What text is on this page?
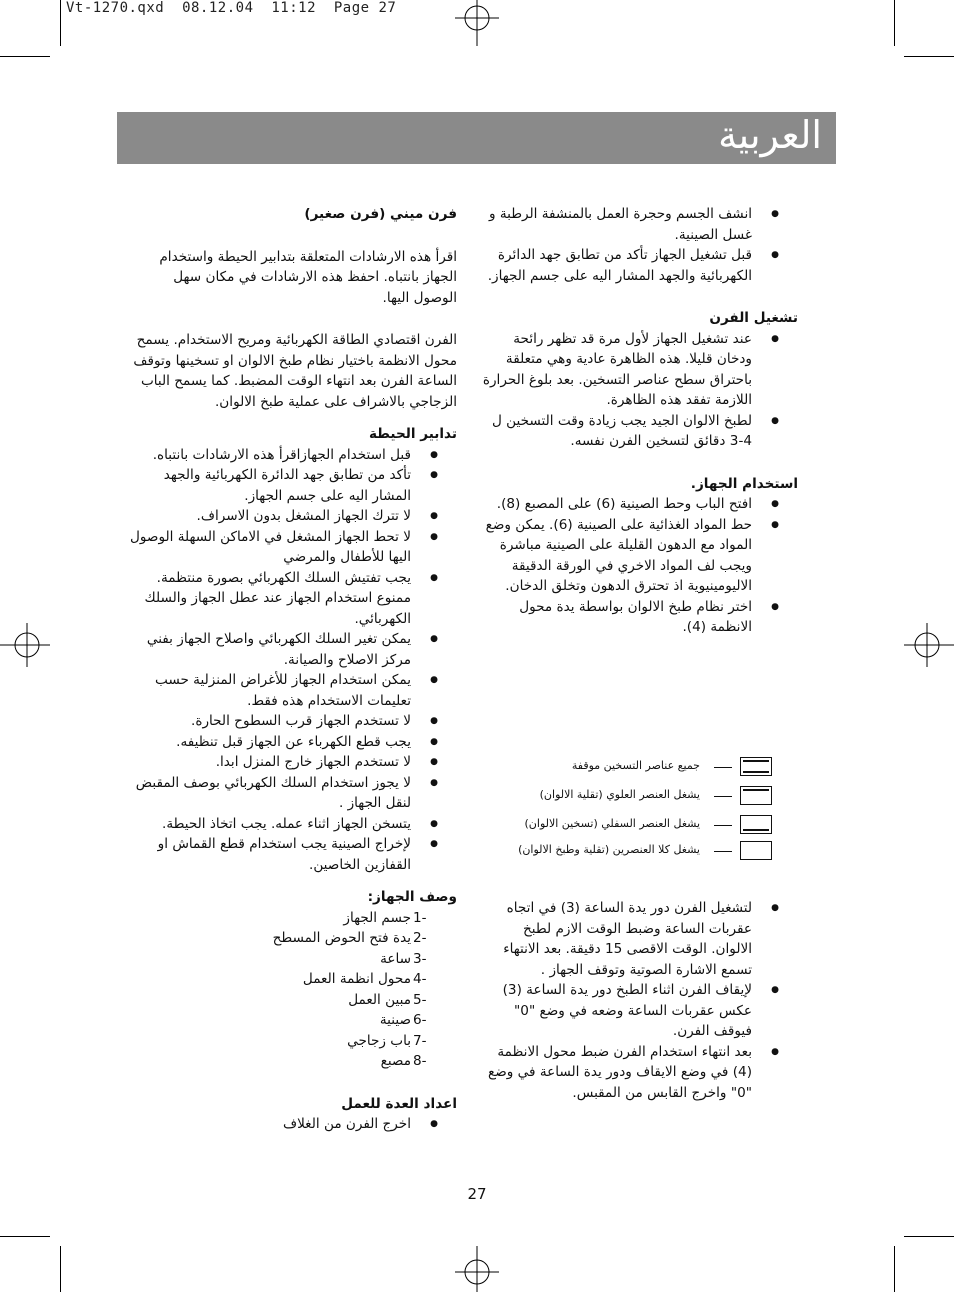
Vt-1270.qxd  08.12.04  11:12  Page 27
العربية
● انشف الجسم وحجرة العمل بالمنشفة الرطبة و غسل الصينية.
● قبل تشغيل الجهاز تأكد من تطابق جهد الدائرة الكهربائية والجهد المشار اليه على جسم الجهاز.
تشغيل الفرن
● عند تشغيل الجهاز لأول مرة قد تظهر رائحة ودخان قليلا. هذه الظاهرة عادية وهي متعلقة باحتراق سطح عناصر التسخين. بعد بلوغ الحرارة اللازمة تفقد هذه الظاهرة.
● لطبخ الالوان الجيد يجب زيادة وقت التسخين ل 4-3 دقائق لتسخين الفرن نفسه.
استخدام الجهاز.
● افتح الباب وحط الصينية (6) على المصبع (8).
● حط المواد الغذائية على الصينية (6). يمكن وضع المواد مع الدهون القليلة على الصينية مباشرة ويجب لف المواد الاخري في الورقة الدقيقة الاليومينيوية اذ تحترق الدهون وتخلق الدخان.
● اختر نظام طبخ الالوان بواسطة يدة محول الانظمة (4).
جميع عناصر التسخين موقفة
يشغل العنصر العلوي (تقلية الالوان)
يشغل العنصر السفلي (تسخين الالوان)
يشغل كلا العنصرين (تقلية وطبخ الالوان)
● لتشغيل الفرن دور يدة الساعة (3) في اتجاه عقربات الساعة وضبط الوقت الازم لطبخ الالوان. الوقت الاقصى 15 دقيقة. بعد الانتهاء تسمع الاشارة الصوتية وتوقف الجهاز .
● لإيقاف الفرن اثناء الطبخ دور يدة الساعة (3) عكس عقربات الساعة وضعه في وضع "0" فيوقف الفرن.
● بعد انتهاء استخدام الفرن ضبط محول الانظمة (4) في وضع الايقاف ودور يدة الساعة في وضع "0" واخرج القابس من المقبس.
فرن ميني (فرن صغير)

اقرأ هذه الارشادات المتعلقة بتدابير الحيطة واستخدام الجهاز بانتباه. احفظ هذه الارشادات في مكان سهل الوصول اليها.

الفرن اقتصادي الطاقة الكهربائية ومريح الاستخدام. يسمح محول الانظمة باختيار نظام طبخ الالوان او تسخينها وتوقف الساعة الفرن بعد انتهاء الوقت المضبط. كما يسمح الباب الزجاجي بالاشراف على عملية طبخ الالوان.

تدابير الحيطة
● قبل استخدام الجهازاقرأ هذه الارشادات بانتباه.
● تأكد من تطابق جهد الدائرة الكهربائية والجهد المشار اليه على جسم الجهاز.
● لا تترك الجهاز المشغل بدون الاسراف.
● لا تحط الجهاز المشغل في الاماكن السهلة الوصول اليها للأطفال والمرضي
● يجب تفتيش السلك الكهربائي بصورة منتظمة. ممنوع استخدام الجهاز عند عطل الجهاز والسلك الكهربائي.
● يمكن تغير السلك الكهربائي واصلاح الجهاز بفني مركز الاصلاح والصيانة.
● يمكن استخدام الجهاز للأغراض المنزلية حسب تعليمات الاستخدام هذه فقط.
● لا تستخدم الجهاز قرب السطوح الحارة.
● يجب قطع الكهرباء عن الجهاز قبل تنظيفه.
● لا تستخدم الجهاز خارج المنزل ابدا.
● لا يجوز استخدام السلك الكهربائي بوصف المقبض لنقل الجهاز .
● يتسخن الجهاز اثناء عمله. يجب اتخاذ الحيطة.
● لإخراج الصينية يجب استخدام قطع القماش او القفازين الخاصين.
وصف الجهاز:
1-
جسم الجهاز
2-
يدة فتح الحوض المسطح
3-
ساعة
4-
محول انظمة العمل
5-
مبين العمل
6-
صينية
7-
باب زجاجي
8-
مصبع
اعداد العدة للعمل
● اخرج الفرن من الغلاف
27
